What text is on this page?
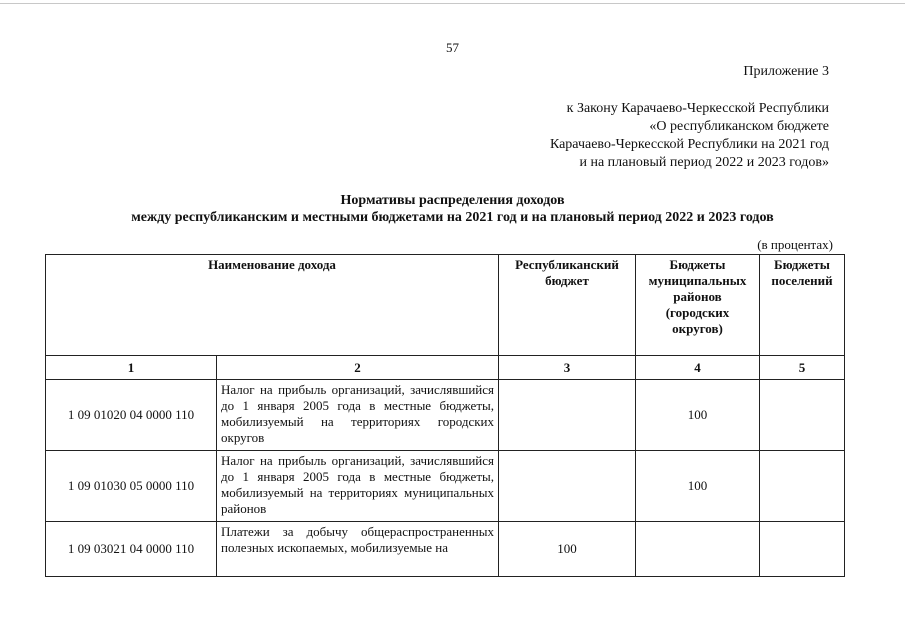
57
Приложение 3
к Закону Карачаево-Черкесской Республики
«О республиканском бюджете
Карачаево-Черкесской Республики на 2021 год
и на плановый период 2022 и 2023 годов»
Нормативы распределения доходов
между республиканским и местными бюджетами на 2021 год и на плановый период 2022 и 2023 годов
(в процентах)
Наименование дохода		Республиканский бюджет	Бюджеты муниципальных районов (городских округов)	Бюджеты поселений
1	2	3	4	5
1 09 01020 04 0000 110	Налог на прибыль организаций, зачислявшийся до 1 января 2005 года в местные бюджеты, мобилизуемый на территориях городских округов		100	
1 09 01030 05 0000 110	Налог на прибыль организаций, зачислявшийся до 1 января 2005 года в местные бюджеты, мобилизуемый на территориях муниципальных районов		100	
1 09 03021 04 0000 110	Платежи за добычу общераспространенных полезных ископаемых, мобилизуемые на	100		
